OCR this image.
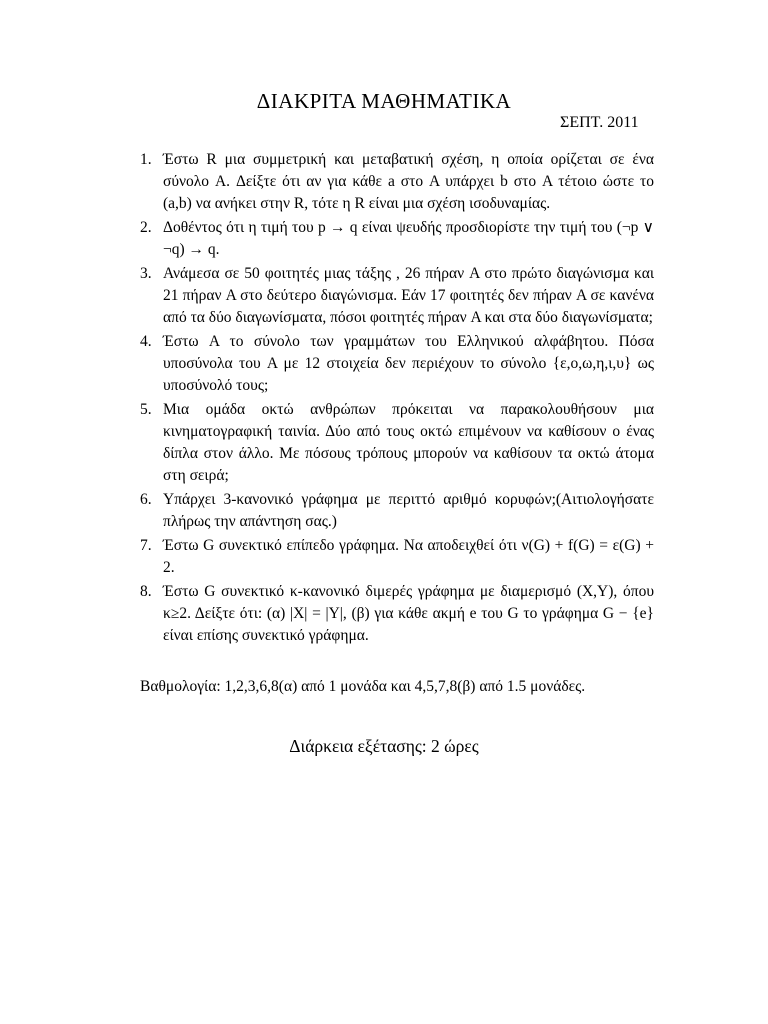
ΔΙΑΚΡΙΤΑ ΜΑΘΗΜΑΤΙΚΑ
ΣΕΠΤ. 2011
1. Έστω R μια συμμετρική και μεταβατική σχέση, η οποία ορίζεται σε ένα σύνολο A. Δείξτε ότι αν για κάθε a στο A υπάρχει b στο A τέτοιο ώστε το (a,b) να ανήκει στην R, τότε η R είναι μια σχέση ισοδυναμίας.
2. Δοθέντος ότι η τιμή του p → q είναι ψευδής προσδιορίστε την τιμή του (¬p ∨ ¬q) → q.
3. Ανάμεσα σε 50 φοιτητές μιας τάξης , 26 πήραν A στο πρώτο διαγώνισμα και 21 πήραν A στο δεύτερο διαγώνισμα. Εάν 17 φοιτητές δεν πήραν A σε κανένα από τα δύο διαγωνίσματα, πόσοι φοιτητές πήραν A και στα δύο διαγωνίσματα;
4. Έστω A το σύνολο των γραμμάτων του Ελληνικού αλφάβητου. Πόσα υποσύνολα του A με 12 στοιχεία δεν περιέχουν το σύνολο {ε,ο,ω,η,ι,υ} ως υποσύνολό τους;
5. Μια ομάδα οκτώ ανθρώπων πρόκειται να παρακολουθήσουν μια κινηματογραφική ταινία. Δύο από τους οκτώ επιμένουν να καθίσουν ο ένας δίπλα στον άλλο. Με πόσους τρόπους μπορούν να καθίσουν τα οκτώ άτομα στη σειρά;
6. Υπάρχει 3-κανονικό γράφημα με περιττό αριθμό κορυφών;(Αιτιολογήσατε πλήρως την απάντηση σας.)
7. Έστω G συνεκτικό επίπεδο γράφημα. Να αποδειχθεί ότι ν(G) + f(G) = ε(G) + 2.
8. Έστω G συνεκτικό κ-κανονικό διμερές γράφημα με διαμερισμό (X,Y), όπου κ≥2. Δείξτε ότι: (α) |X| = |Y|, (β) για κάθε ακμή e του G το γράφημα G − {e} είναι επίσης συνεκτικό γράφημα.
Βαθμολογία: 1,2,3,6,8(α) από 1 μονάδα και 4,5,7,8(β) από 1.5 μονάδες.
Διάρκεια εξέτασης: 2 ώρες
